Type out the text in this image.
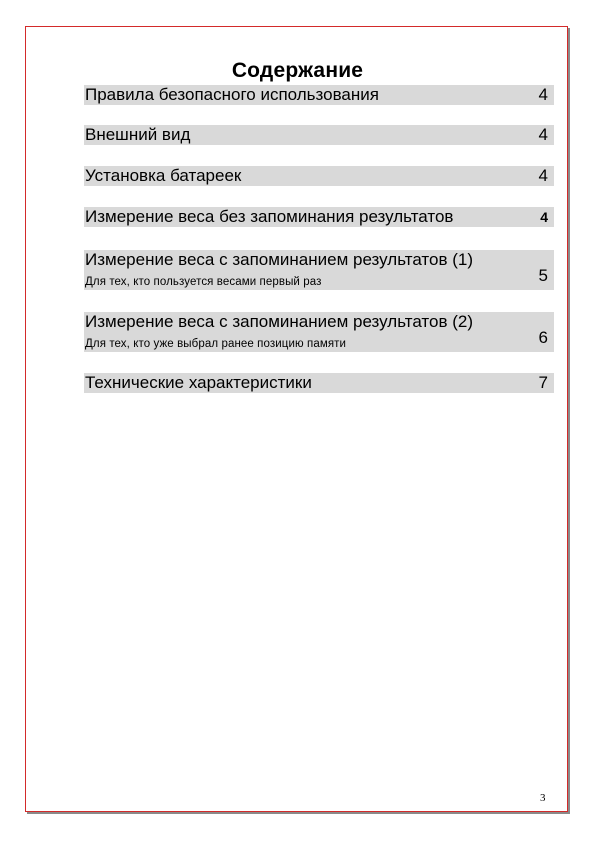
Содержание
Правила безопасного использования	4
Внешний вид	4
Установка батареек	4
Измерение веса без запоминания результатов	4
Измерение веса с запоминанием результатов (1)
Для тех, кто пользуется весами первый раз	5
Измерение веса с запоминанием результатов (2)
Для тех, кто уже выбрал ранее позицию памяти	6
Технические характеристики	7
3
